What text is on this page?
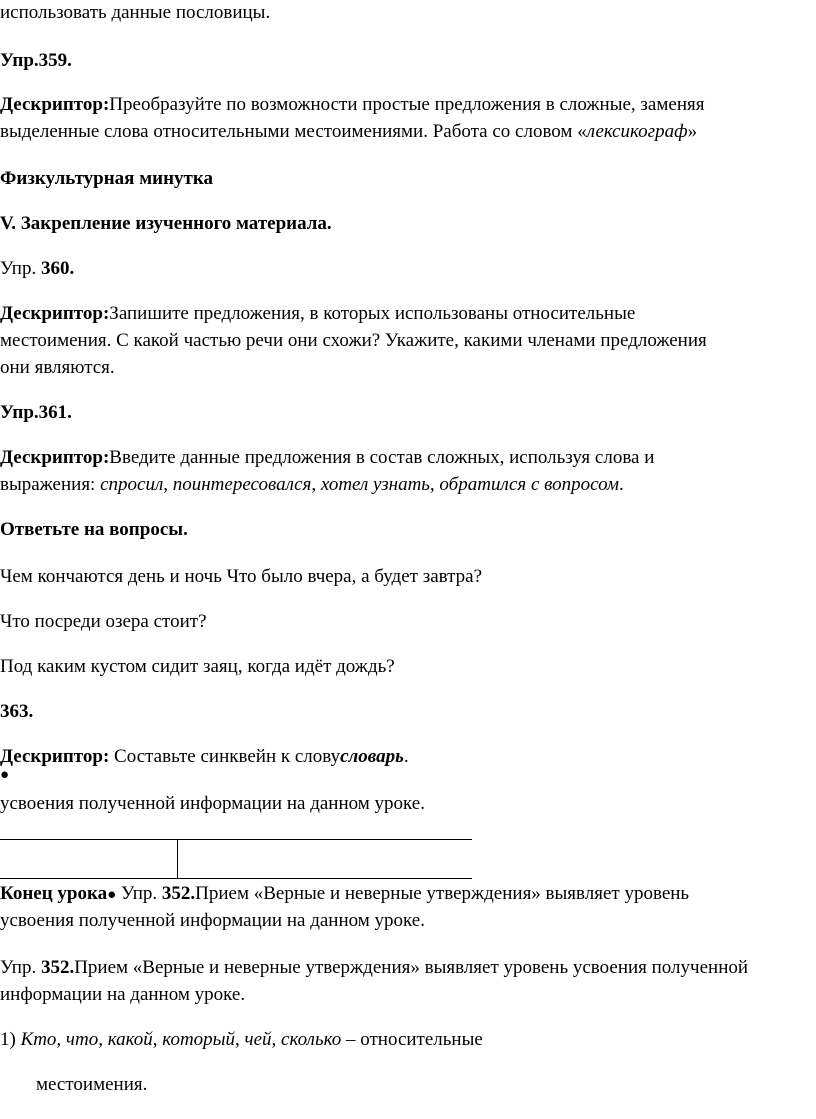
использовать данные пословицы.
Упр.359.
Дескриптор:Преобразуйте по возможности простые предложения в сложные, заменяя
выделенные слова относительными местоимениями. Работа со словом «лексикограф»
Физкультурная минутка
V. Закрепление изученного материала.
Упр. 360.
Дескриптор:Запишите предложения, в которых использованы относительные
местоимения. С какой частью речи они схожи? Укажите, какими членами предложения
они являются.
Упр.361.
Дескриптор:Введите данные предложения в состав сложных, используя слова и
выражения: спросил, поинтересовался, хотел узнать, обратился с вопросом.
Ответьте на вопросы.
Чем кончаются день и ночь Что было вчера, а будет завтра?
Что посреди озера стоит?
Под каким кустом сидит заяц, когда идёт дождь?
363.
Дескриптор: Составьте синквейн к словусловарь.
●
усвоения полученной информации на данном уроке.
Конец урока● Упр. 352.Прием «Верные и неверные утверждения» выявляет уровень
усвоения полученной информации на данном уроке.
Упр. 352.Прием «Верные и неверные утверждения» выявляет уровень усвоения полученной
информации на данном уроке.
1) Кто, что, какой, который, чей, сколько – относительные
местоимения.
